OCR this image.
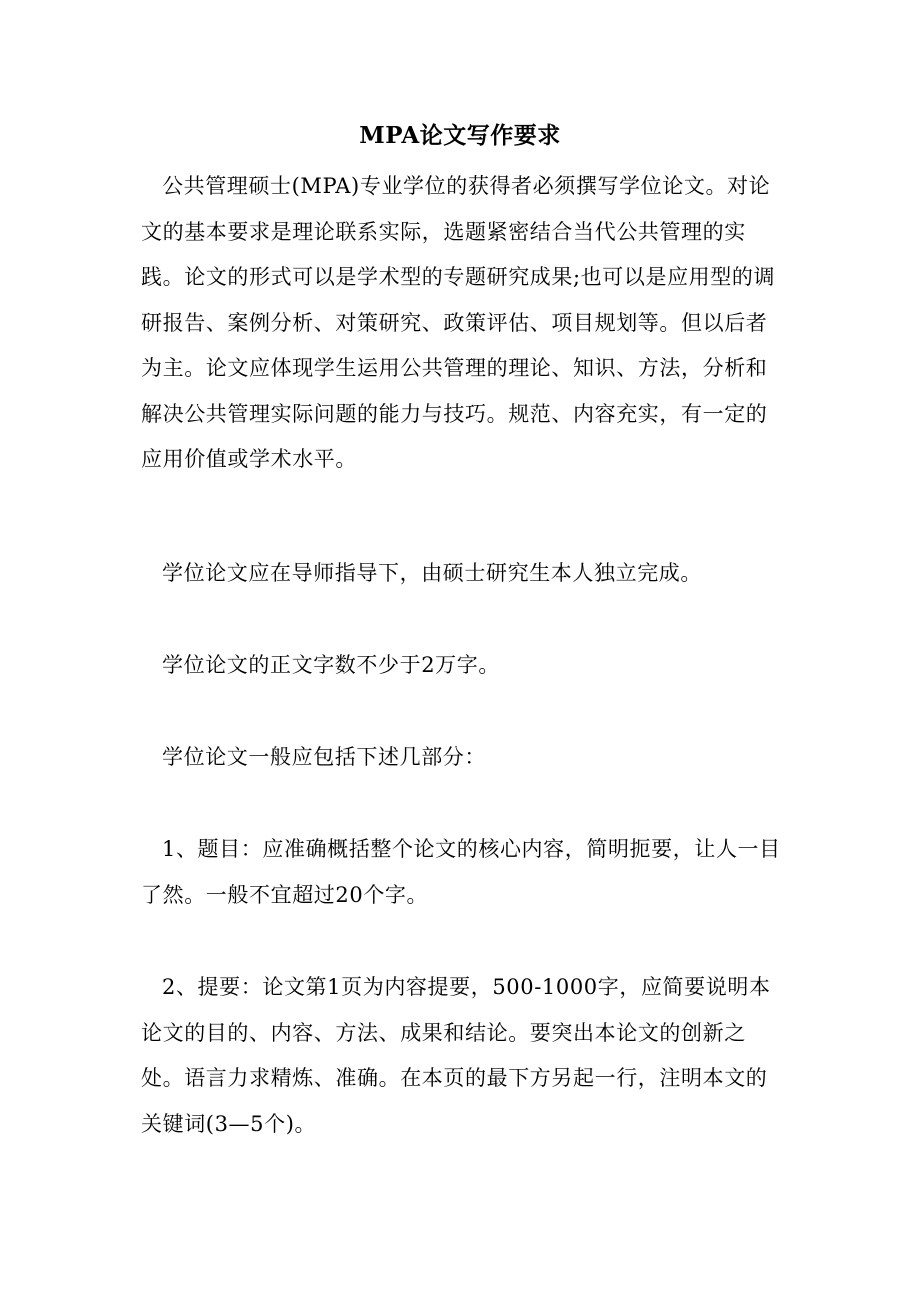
MPA论文写作要求

公共管理硕士(MPA)专业学位的获得者必须撰写学位论文。对论文的基本要求是理论联系实际，选题紧密结合当代公共管理的实践。论文的形式可以是学术型的专题研究成果;也可以是应用型的调研报告、案例分析、对策研究、政策评估、项目规划等。但以后者为主。论文应体现学生运用公共管理的理论、知识、方法，分析和解决公共管理实际问题的能力与技巧。规范、内容充实，有一定的应用价值或学术水平。

学位论文应在导师指导下，由硕士研究生本人独立完成。

学位论文的正文字数不少于2万字。

学位论文一般应包括下述几部分：

1、题目：应准确概括整个论文的核心内容，简明扼要，让人一目了然。一般不宜超过20个字。

2、提要：论文第1页为内容提要，500-1000字，应简要说明本论文的目的、内容、方法、成果和结论。要突出本论文的创新之处。语言力求精炼、准确。在本页的最下方另起一行，注明本文的关键词(3—5个)。
